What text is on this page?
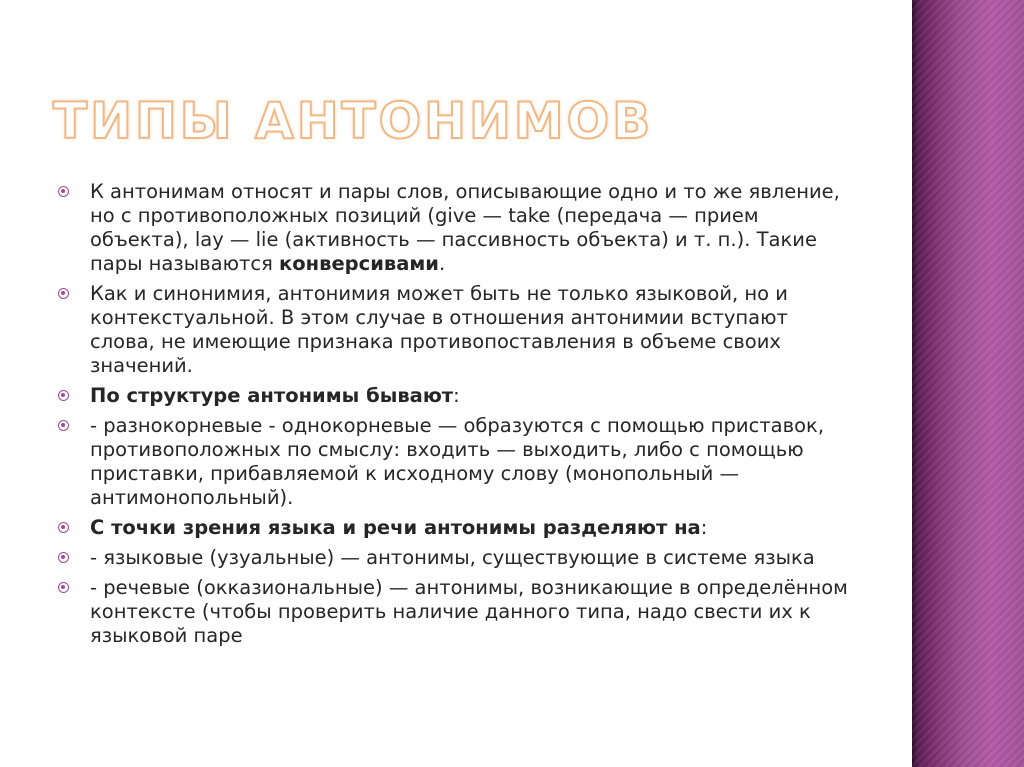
ТИПЫ АНТОНИМОВ
К антонимам относят и пары слов, описывающие одно и то же явление, но с противоположных позиций (give — take (передача — прием объекта), lay — lie (активность — пассивность объекта) и т. п.). Такие пары называются конверсивами.
Как и синонимия, антонимия может быть не только языковой, но и контекстуальной. В этом случае в отношения антонимии вступают слова, не имеющие признака противопоставления в объеме своих значений.
По структуре антонимы бывают:
- разнокорневые - однокорневые — образуются с помощью приставок, противоположных по смыслу: входить — выходить, либо с помощью приставки, прибавляемой к исходному слову (монопольный — антимонопольный).
С точки зрения языка и речи антонимы разделяют на:
- языковые (узуальные) — антонимы, существующие в системе языка
- речевые (окказиональные) — антонимы, возникающие в определённом контексте (чтобы проверить наличие данного типа, надо свести их к языковой паре
